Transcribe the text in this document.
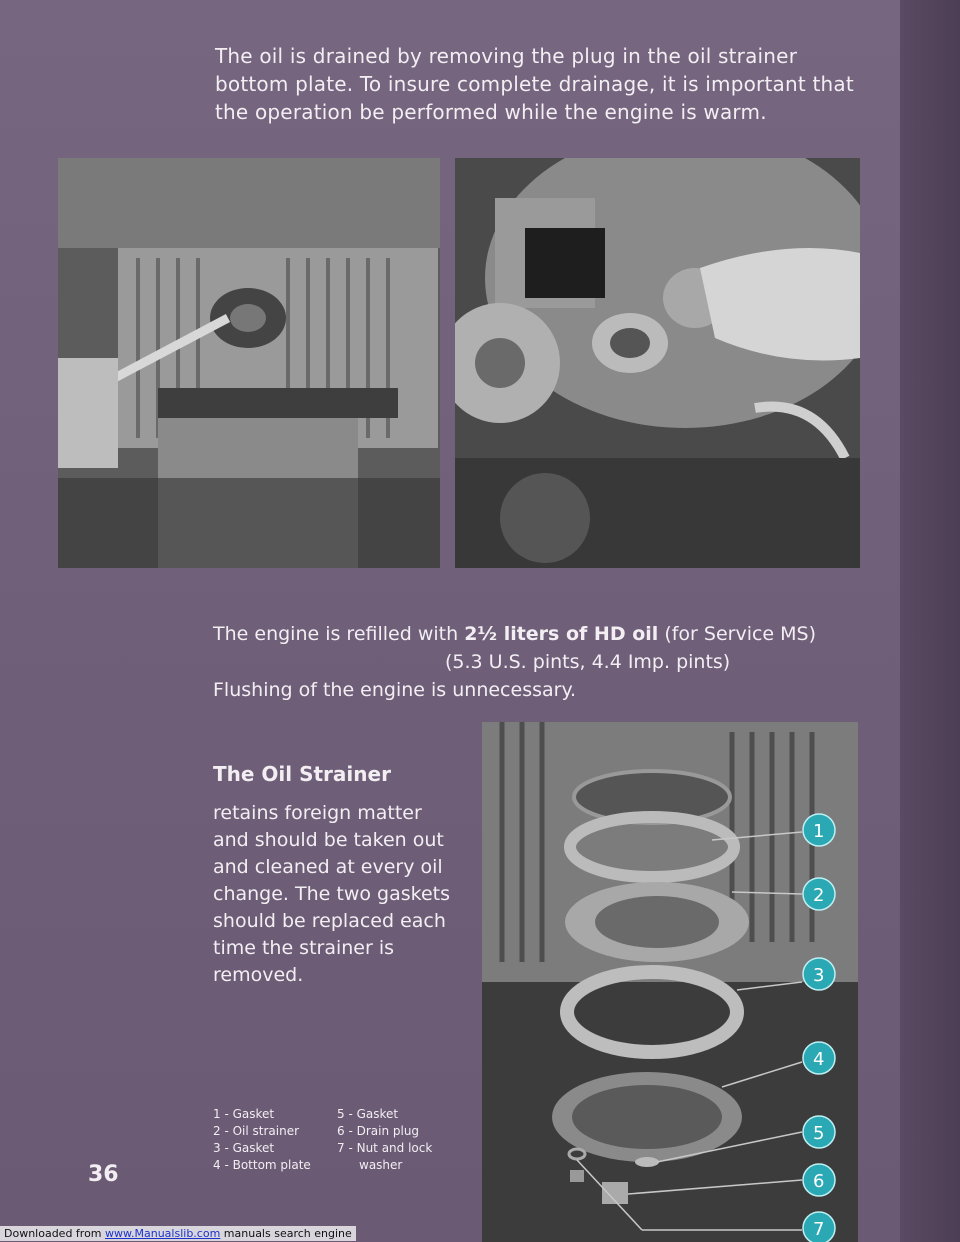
The oil is drained by removing the plug in the oil strainer bottom plate. To insure complete drainage, it is important that the operation be performed while the engine is warm.
The engine is refilled with 2½ liters of HD oil (for Service MS)
(5.3 U.S. pints, 4.4 Imp. pints)
Flushing of the engine is unnecessary.
The Oil Strainer
retains foreign matter and should be taken out and cleaned at every oil change. The two gaskets should be replaced each time the strainer is removed.
1 - Gasket	5 - Gasket
2 - Oil strainer	6 - Drain plug
3 - Gasket	7 - Nut and lock
4 - Bottom plate	washer
36
1
2
3
4
5
6
7
Downloaded from www.Manualslib.com manuals search engine
